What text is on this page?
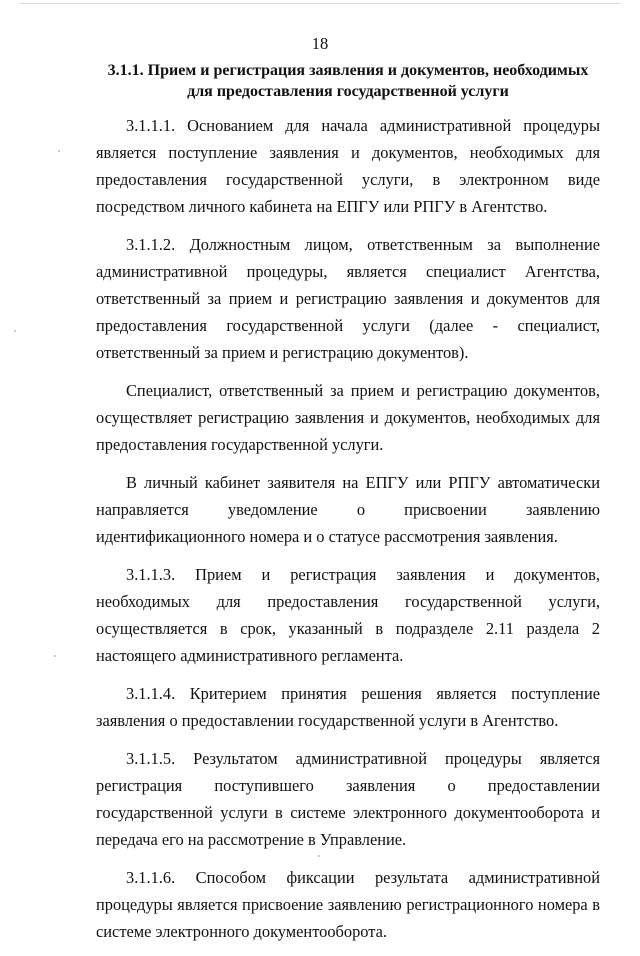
18
3.1.1. Прием и регистрация заявления и документов, необходимых для предоставления государственной услуги

3.1.1.1. Основанием для начала административной процедуры является поступление заявления и документов, необходимых для предоставления государственной услуги, в электронном виде посредством личного кабинета на ЕПГУ или РПГУ в Агентство.

3.1.1.2. Должностным лицом, ответственным за выполнение административной процедуры, является специалист Агентства, ответственный за прием и регистрацию заявления и документов для предоставления государственной услуги (далее - специалист, ответственный за прием и регистрацию документов).

Специалист, ответственный за прием и регистрацию документов, осуществляет регистрацию заявления и документов, необходимых для предоставления государственной услуги.

В личный кабинет заявителя на ЕПГУ или РПГУ автоматически направляется уведомление о присвоении заявлению идентификационного номера и о статусе рассмотрения заявления.

3.1.1.3. Прием и регистрация заявления и документов, необходимых для предоставления государственной услуги, осуществляется в срок, указанный в подразделе 2.11 раздела 2 настоящего административного регламента.

3.1.1.4. Критерием принятия решения является поступление заявления о предоставлении государственной услуги в Агентство.

3.1.1.5. Результатом административной процедуры является регистрация поступившего заявления о предоставлении государственной услуги в системе электронного документооборота и передача его на рассмотрение в Управление.

3.1.1.6. Способом фиксации результата административной процедуры является присвоение заявлению регистрационного номера в системе электронного документооборота.
